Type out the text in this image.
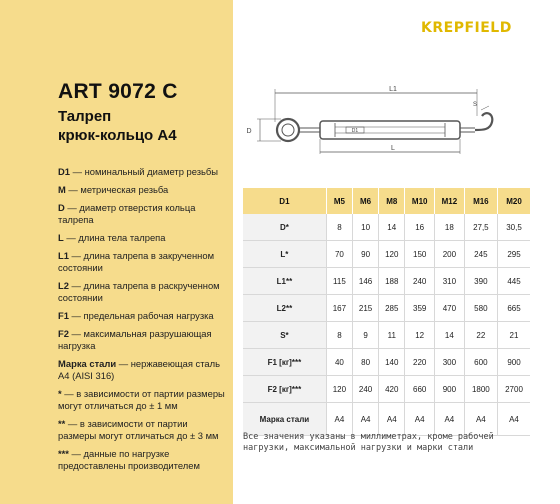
KREPFIELD
ART 9072 C
Талреп
крюк-кольцо А4
D1 — номинальный диаметр резьбы
M — метрическая резьба
D — диаметр отверстия кольца талрепа
L — длина тела талрепа
L1 — длина талрепа в закрученном состоянии
L2 — длина талрепа в раскрученном состоянии
F1 — предельная рабочая нагрузка
F2 — максимальная разрушающая нагрузка
Марка стали — нержавеющая сталь А4 (AISI 316)
* — в зависимости от партии размеры могут отличаться до ± 1 мм
** — в зависимости от партии размеры могут отличаться до ± 3 мм
*** — данные по нагрузке предоставлены производителем
L1
L
D
S
D1
D1	M5	M6	M8	M10	M12	M16	M20
D*	8	10	14	16	18	27,5	30,5
L*	70	90	120	150	200	245	295
L1**	115	146	188	240	310	390	445
L2**	167	215	285	359	470	580	665
S*	8	9	11	12	14	22	21
F1 [кг]***	40	80	140	220	300	600	900
F2 [кг]***	120	240	420	660	900	1800	2700
Марка стали	А4	А4	А4	А4	А4	А4	А4
Все значения указаны в миллиметрах, кроме рабочей нагрузки, максимальной нагрузки и марки стали
